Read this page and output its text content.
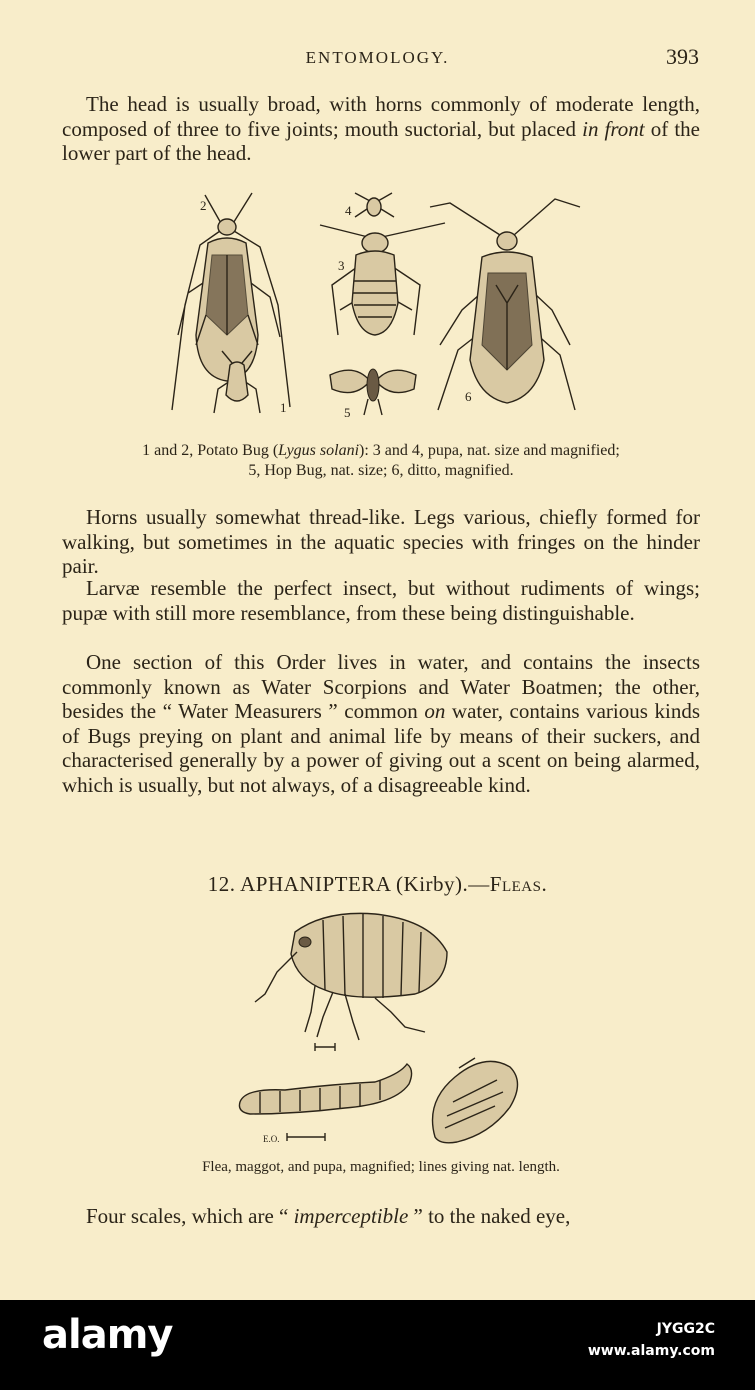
ENTOMOLOGY.	393

The head is usually broad, with horns commonly of moderate length, composed of three to five joints; mouth suctorial, but placed in front of the lower part of the head.

2	4
3
1	5
6
1 and 2, Potato Bug (Lygus solani): 3 and 4, pupa, nat. size and magnified;
5, Hop Bug, nat. size; 6, ditto, magnified.

Horns usually somewhat thread-like. Legs various, chiefly formed for walking, but sometimes in the aquatic species with fringes on the hinder pair.

Larvæ resemble the perfect insect, but without rudiments of wings; pupæ with still more resemblance, from these being distinguishable.

One section of this Order lives in water, and contains the insects commonly known as Water Scorpions and Water Boatmen; the other, besides the “ Water Measurers ” common on water, contains various kinds of Bugs preying on plant and animal life by means of their suckers, and characterised generally by a power of giving out a scent on being alarmed, which is usually, but not always, of a disagreeable kind.

12. APHANIPTERA (Kirby).—Fleas.
E.O.
Flea, maggot, and pupa, magnified; lines giving nat. length.

Four scales, which are “ imperceptible ” to the naked eye,

alamy	JYGG2C
www.alamy.com
